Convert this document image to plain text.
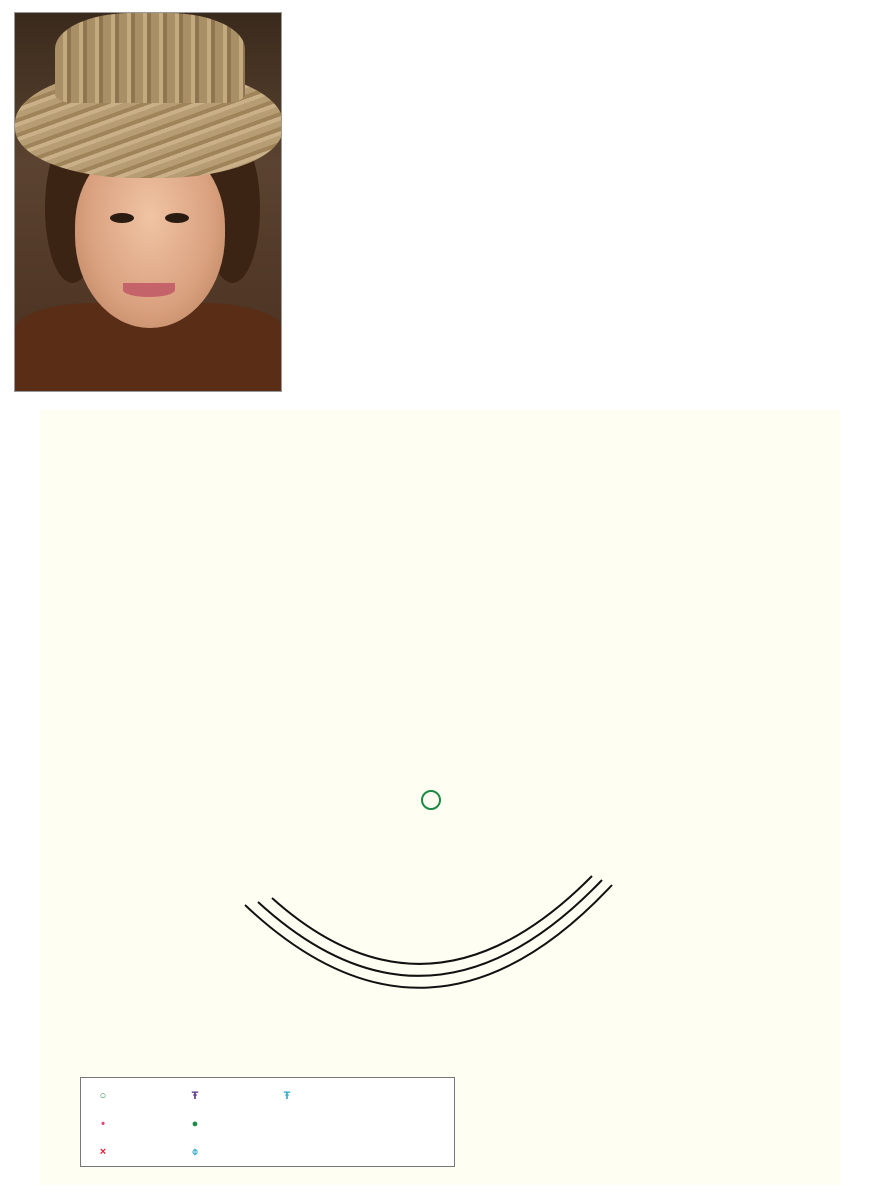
○	Ŧ	Ŧ
•	●
×	⌽
